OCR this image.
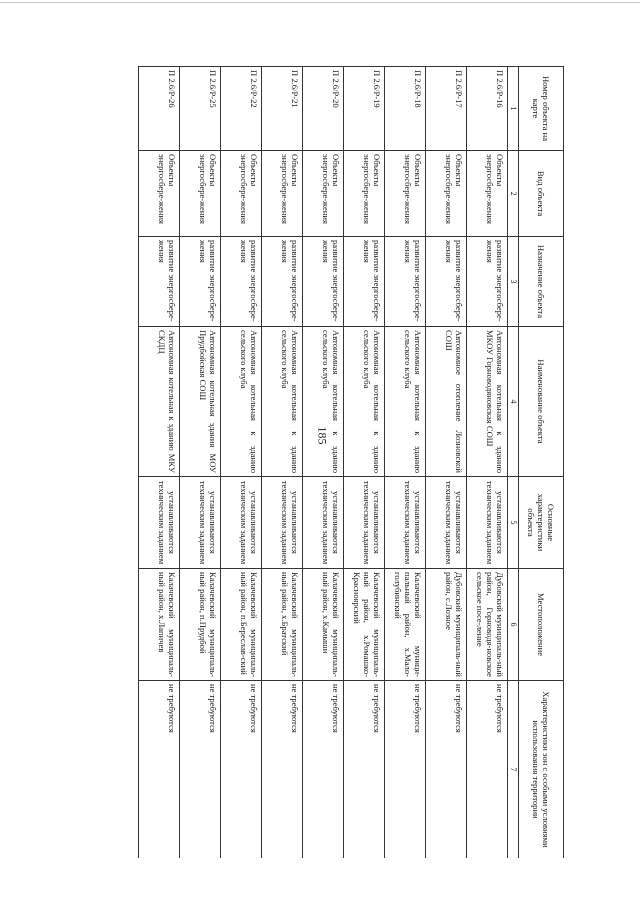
185
Номер объекта на карте	Вид объекта	Назначение объекта	Наименование объекта	Основные характеристики объекта	Местоположение	Характеристики зон с особыми условиями использования территории
1	2	3	4	5	6	7
П 2.6/Р-16	Объекты энергосбере-жения	развитие энергосбере-жения	Автономная котельная к зданию МКОУ Горноводяновская СОШ	устанавливаются техническим заданием	Дубовский муниципаль-ный район, Горноводя-новское сельское посе-ление	не требуются
П 2.6/Р-17	Объекты энергосбере-жения	развитие энергосбере-жения	Автономное отопление Лозновской СОШ	устанавливаются техническим заданием	Дубовский муниципаль-ный район, с.Лозное	не требуются
П 2.6/Р-18	Объекты энергосбере-жения	развитие энергосбере-жения	Автономная котельная к зданию сельского клуба	устанавливаются техническим заданием	Калачевский муници-пальный район, х.Мало-голубинский	не требуются
П 2.6/Р-19	Объекты энергосбере-жения	развитие энергосбере-жения	Автономная котельная к зданию сельского клуба	устанавливаются техническим заданием	Калачевский муниципаль-ный район, х.Ромашко-Красноярский	не требуются
П 2.6/Р-20	Объекты энергосбере-жения	развитие энергосбере-жения	Автономная котельная к зданию сельского клуба	устанавливаются техническим заданием	Калачевский муниципаль-ный район, х.Камыши	не требуются
П 2.6/Р-21	Объекты энергосбере-жения	развитие энергосбере-жения	Автономная котельная к зданию сельского клуба	устанавливаются техническим заданием	Калачевский муниципаль-ный район, х.Братский	не требуются
П 2.6/Р-22	Объекты энергосбере-жения	развитие энергосбере-жения	Автономная котельная к зданию сельского клуба	устанавливаются техническим заданием	Калачевский муниципаль-ный район, п.Береслав-ский	не требуются
П 2.6/Р-25	Объекты энергосбере-жения	развитие энергосбере-жения	Автономная котельная здания МОУ Прудбойская СОШ	устанавливаются техническим заданием	Калачевский муниципаль-ный район, п.Прудбой	не требуются
П 2.6/Р-26	Объекты энергосбере-жения	развитие энергосбере-жения	Автономная котельная к зданию МКУ СКДЦ	устанавливаются техническим заданием	Калачевский муниципаль-ный район, х.Лапичев	не требуются
